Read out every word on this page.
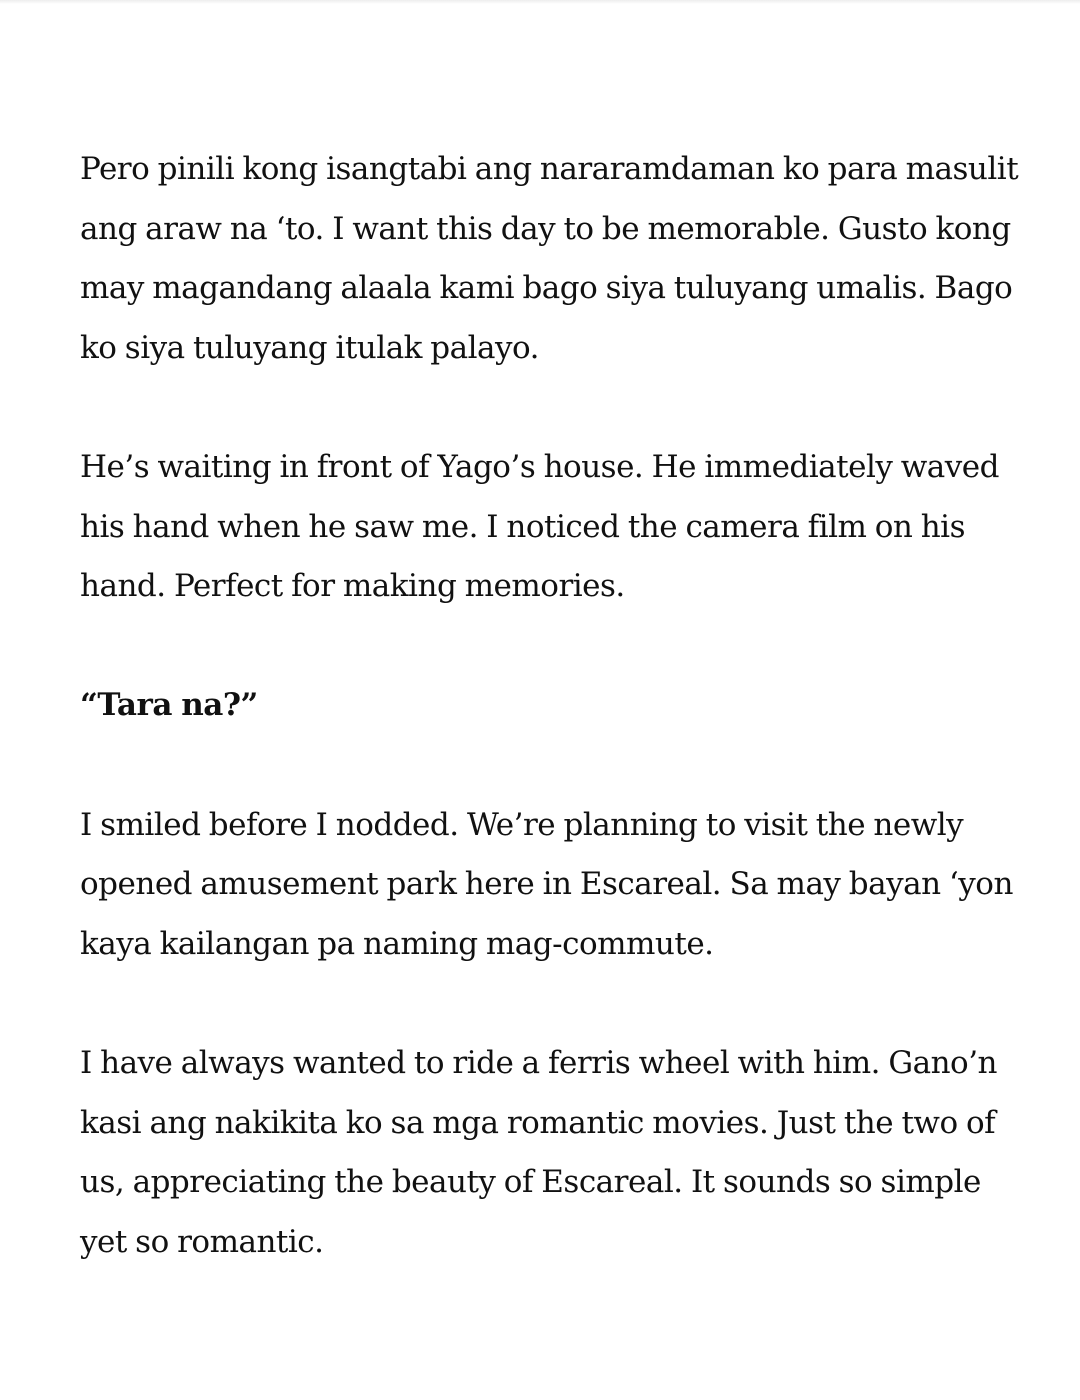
Pero pinili kong isangtabi ang nararamdaman ko para masulit ang araw na ‘to. I want this day to be memorable. Gusto kong may magandang alaala kami bago siya tuluyang umalis. Bago ko siya tuluyang itulak palayo.

He’s waiting in front of Yago’s house. He immediately waved his hand when he saw me. I noticed the camera film on his hand. Perfect for making memories.

“Tara na?”

I smiled before I nodded. We’re planning to visit the newly opened amusement park here in Escareal. Sa may bayan ‘yon kaya kailangan pa naming mag-commute.

I have always wanted to ride a ferris wheel with him. Gano’n kasi ang nakikita ko sa mga romantic movies. Just the two of us, appreciating the beauty of Escareal. It sounds so simple yet so romantic.
